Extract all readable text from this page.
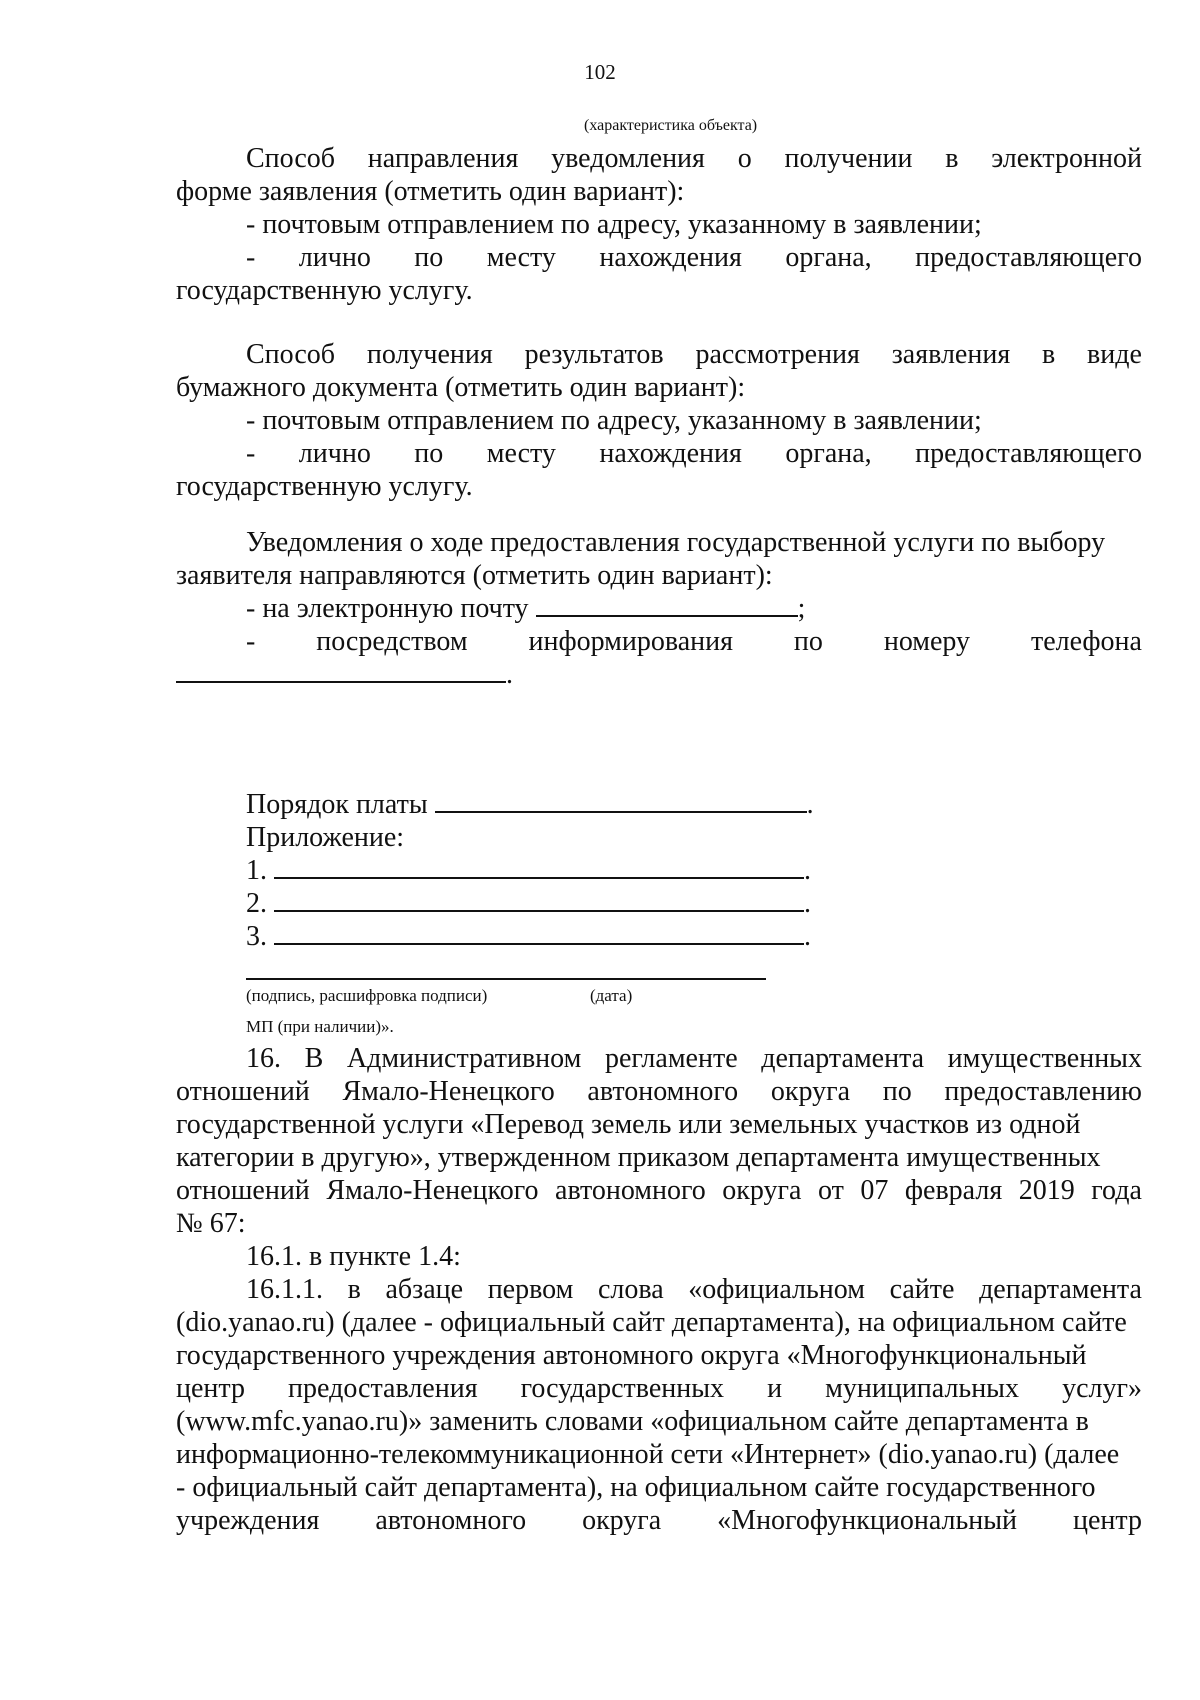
102
(характеристика объекта)
Способ направления уведомления о получении в электронной
форме заявления (отметить один вариант):
- почтовым отправлением по адресу, указанному в заявлении;
- лично по месту нахождения органа, предоставляющего
государственную услугу.
Способ получения результатов рассмотрения заявления в виде
бумажного документа (отметить один вариант):
- почтовым отправлением по адресу, указанному в заявлении;
- лично по месту нахождения органа, предоставляющего
государственную услугу.
Уведомления о ходе предоставления государственной услуги по выбору
заявителя направляются (отметить один вариант):
- на электронную почту	;
- посредством информирования по номеру телефона
.
Порядок платы	.
Приложение:
1.	.
2.	.
3.	.
(подпись, расшифровка подписи)	(дата)
МП (при наличии)».
16. В Административном регламенте департамента имущественных
отношений Ямало-Ненецкого автономного округа по предоставлению
государственной услуги «Перевод земель или земельных участков из одной
категории в другую», утвержденном приказом департамента имущественных
отношений Ямало-Ненецкого автономного округа от 07 февраля 2019 года
№ 67:
16.1. в пункте 1.4:
16.1.1. в абзаце первом слова «официальном сайте департамента
(dio.yanao.ru) (далее - официальный сайт департамента), на официальном сайте
государственного учреждения автономного округа «Многофункциональный
центр предоставления государственных и муниципальных услуг»
(www.mfc.yanao.ru)» заменить словами «официальном сайте департамента в
информационно-телекоммуникационной сети «Интернет» (dio.yanao.ru) (далее
- официальный сайт департамента), на официальном сайте государственного
учреждения автономного округа «Многофункциональный центр
